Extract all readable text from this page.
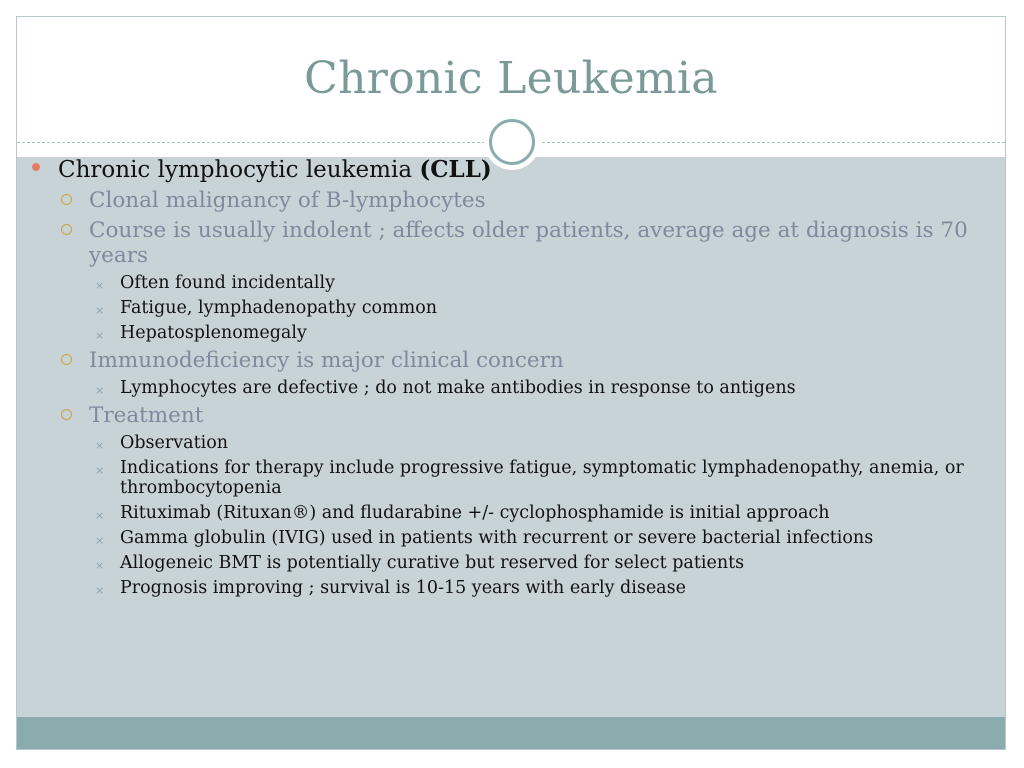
Chronic Leukemia
Chronic lymphocytic leukemia (CLL)
Clonal malignancy of B-lymphocytes
Course is usually indolent ; affects older patients, average age at diagnosis is 70 years
× Often found incidentally
× Fatigue, lymphadenopathy common
× Hepatosplenomegaly
Immunodeficiency is major clinical concern
× Lymphocytes are defective ; do not make antibodies in response to antigens
Treatment
× Observation
× Indications for therapy include progressive fatigue, symptomatic lymphadenopathy, anemia, or thrombocytopenia
× Rituximab (Rituxan®) and fludarabine +/- cyclophosphamide is initial approach
× Gamma globulin (IVIG) used in patients with recurrent or severe bacterial infections
× Allogeneic BMT is potentially curative but reserved for select patients
× Prognosis improving ; survival is 10-15 years with early disease
